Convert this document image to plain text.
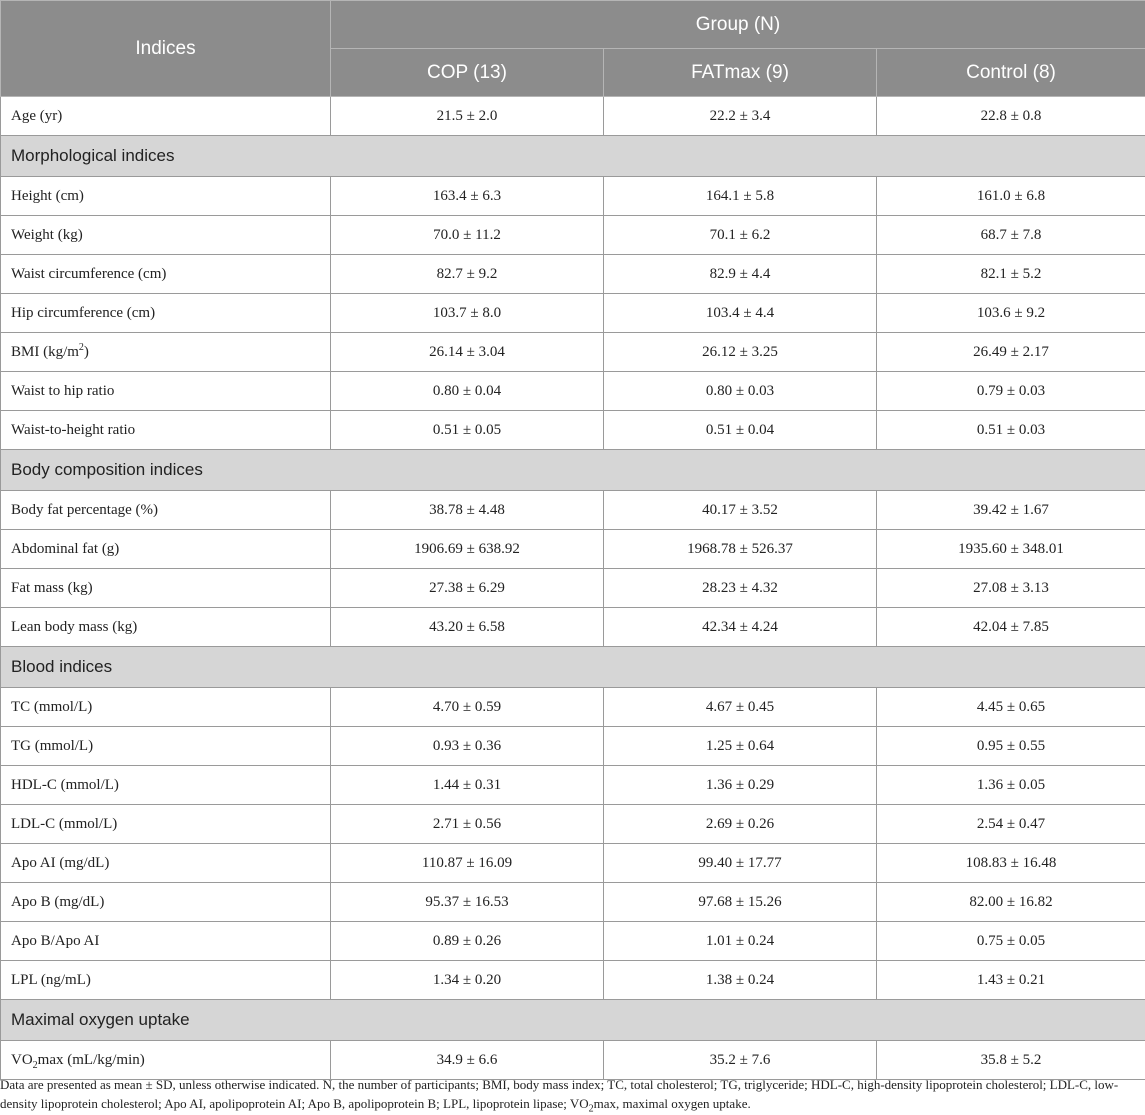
Indices	Group (N)		
	COP (13)	FATmax (9)	Control (8)
Age (yr)	21.5 ± 2.0	22.2 ± 3.4	22.8 ± 0.8
Morphological indices			
Height (cm)	163.4 ± 6.3	164.1 ± 5.8	161.0 ± 6.8
Weight (kg)	70.0 ± 11.2	70.1 ± 6.2	68.7 ± 7.8
Waist circumference (cm)	82.7 ± 9.2	82.9 ± 4.4	82.1 ± 5.2
Hip circumference (cm)	103.7 ± 8.0	103.4 ± 4.4	103.6 ± 9.2
BMI $(kg/m^2)$	26.14 ± 3.04	26.12 ± 3.25	26.49 ± 2.17
Waist to hip ratio	0.80 ± 0.04	0.80 ± 0.03	0.79 ± 0.03
Waist-to-height ratio	0.51 ± 0.05	0.51 ± 0.04	0.51 ± 0.03
Body composition indices			
Body fat percentage (%)	38.78 ± 4.48	40.17 ± 3.52	39.42 ± 1.67
Abdominal fat (g)	1906.69 ± 638.92	1968.78 ± 526.37	1935.60 ± 348.01
Fat mass (kg)	27.38 ± 6.29	28.23 ± 4.32	27.08 ± 3.13
Lean body mass (kg)	43.20 ± 6.58	42.34 ± 4.24	42.04 ± 7.85
Blood indices			
TC (mmol/L)	4.70 ± 0.59	4.67 ± 0.45	4.45 ± 0.65
TG (mmol/L)	0.93 ± 0.36	1.25 ± 0.64	0.95 ± 0.55
HDL-C (mmol/L)	1.44 ± 0.31	1.36 ± 0.29	1.36 ± 0.05
LDL-C (mmol/L)	2.71 ± 0.56	2.69 ± 0.26	2.54 ± 0.47
Apo AI (mg/dL)	110.87 ± 16.09	99.40 ± 17.77	108.83 ± 16.48
Apo B (mg/dL)	95.37 ± 16.53	97.68 ± 15.26	82.00 ± 16.82
Apo B/Apo AI	0.89 ± 0.26	1.01 ± 0.24	0.75 ± 0.05
LPL (ng/mL)	1.34 ± 0.20	1.38 ± 0.24	1.43 ± 0.21
Maximal oxygen uptake			
$VO_2\max$ (mL/kg/min)	34.9 ± 6.6	35.2 ± 7.6	35.8 ± 5.2
Data are presented as mean ± SD, unless otherwise indicated. N, the number of participants; BMI, body mass index; TC, total cholesterol; TG, triglyceride; HDL-C, high-density lipoprotein cholesterol; LDL-C, low-density lipoprotein cholesterol; Apo AI, apolipoprotein AI; Apo B, apolipoprotein B; LPL, lipoprotein lipase; $VO_2\max$, maximal oxygen uptake.
